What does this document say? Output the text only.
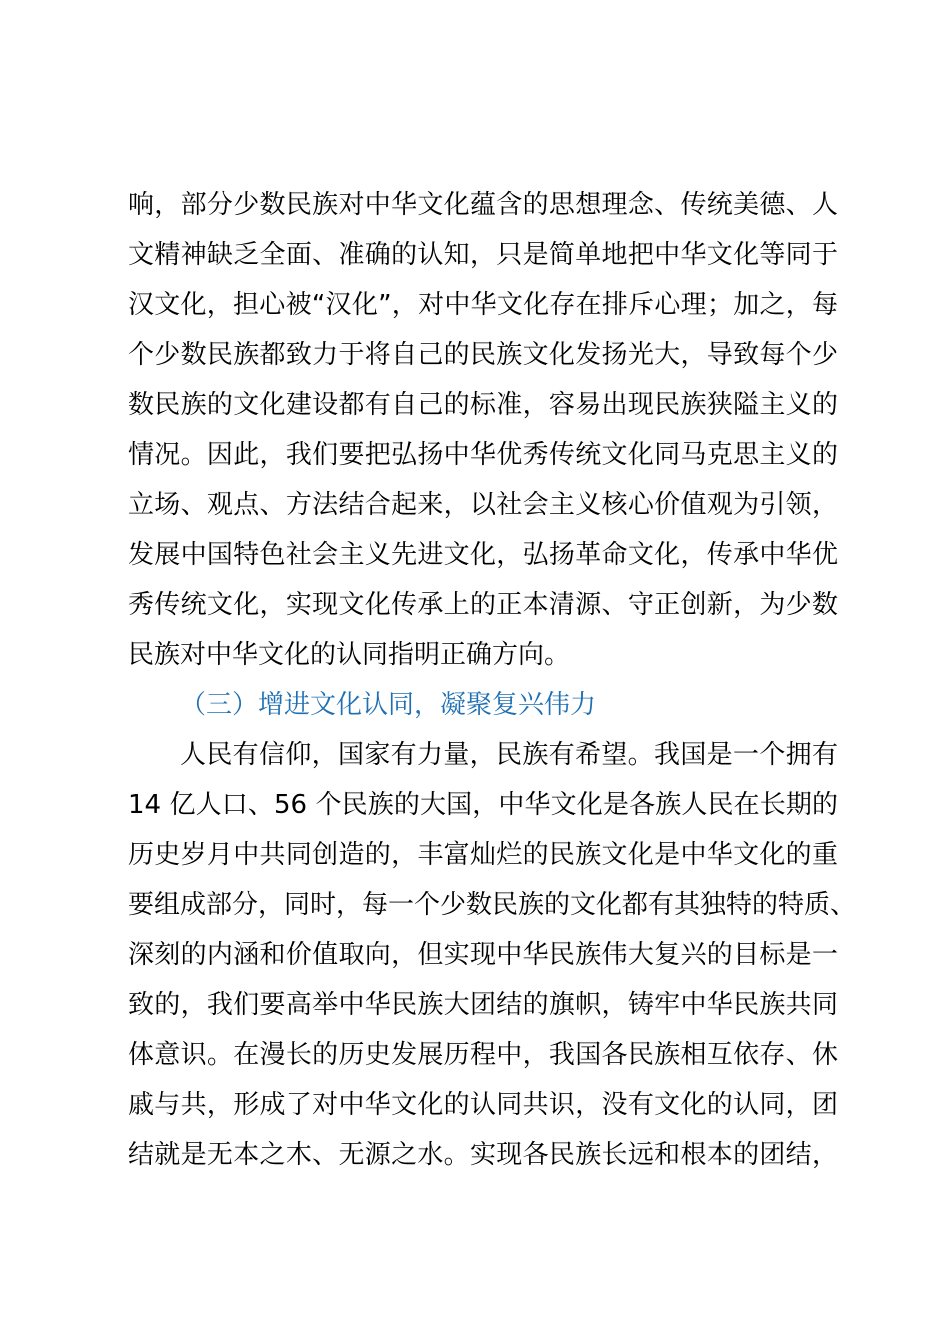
响，部分少数民族对中华文化蕴含的思想理念、传统美德、人
文精神缺乏全面、准确的认知，只是简单地把中华文化等同于
汉文化，担心被“汉化”，对中华文化存在排斥心理；加之，每
个少数民族都致力于将自己的民族文化发扬光大，导致每个少
数民族的文化建设都有自己的标准，容易出现民族狭隘主义的
情况。因此，我们要把弘扬中华优秀传统文化同马克思主义的
立场、观点、方法结合起来，以社会主义核心价值观为引领，
发展中国特色社会主义先进文化，弘扬革命文化，传承中华优
秀传统文化，实现文化传承上的正本清源、守正创新，为少数
民族对中华文化的认同指明正确方向。
（三）增进文化认同，凝聚复兴伟力
人民有信仰，国家有力量，民族有希望。我国是一个拥有
14 亿人口、56 个民族的大国，中华文化是各族人民在长期的
历史岁月中共同创造的，丰富灿烂的民族文化是中华文化的重
要组成部分，同时，每一个少数民族的文化都有其独特的特质、
深刻的内涵和价值取向，但实现中华民族伟大复兴的目标是一
致的，我们要高举中华民族大团结的旗帜，铸牢中华民族共同
体意识。在漫长的历史发展历程中，我国各民族相互依存、休
戚与共，形成了对中华文化的认同共识，没有文化的认同，团
结就是无本之木、无源之水。实现各民族长远和根本的团结，
